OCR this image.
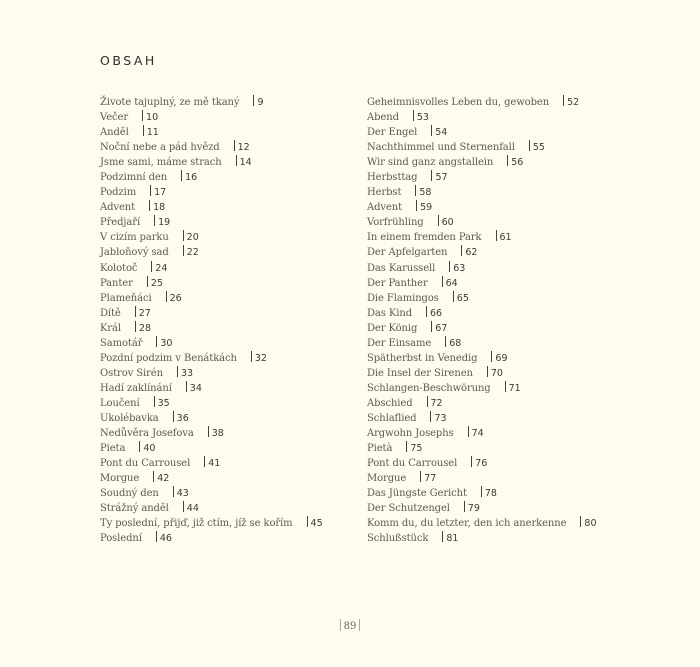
OBSAH
Živote tajuplný, ze mě tkaný 9
Večer 10
Anděl 11
Noční nebe a pád hvězd 12
Jsme sami, máme strach 14
Podzimní den 16
Podzim 17
Advent 18
Předjaří 19
V cizím parku 20
Jabloňový sad 22
Kolotoč 24
Panter 25
Plameňáci 26
Dítě 27
Král 28
Samotář 30
Pozdní podzim v Benátkách 32
Ostrov Sirén 33
Hadí zaklínání 34
Loučení 35
Ukolébavka 36
Nedůvěra Josefova 38
Pieta 40
Pont du Carrousel 41
Morgue 42
Soudný den 43
Strážný anděl 44
Ty poslední, přijď, již ctím, jíž se kořím 45
Poslední 46
Geheimnisvolles Leben du, gewoben 52
Abend 53
Der Engel 54
Nachthimmel und Sternenfall 55
Wir sind ganz angstallein 56
Herbsttag 57
Herbst 58
Advent 59
Vorfrühling 60
In einem fremden Park 61
Der Apfelgarten 62
Das Karussell 63
Der Panther 64
Die Flamingos 65
Das Kind 66
Der König 67
Der Einsame 68
Spätherbst in Venedig 69
Die Insel der Sirenen 70
Schlangen-Beschwörung 71
Abschied 72
Schlaflied 73
Argwohn Josephs 74
Pietà 75
Pont du Carrousel 76
Morgue 77
Das Jüngste Gericht 78
Der Schutzengel 79
Komm du, du letzter, den ich anerkenne 80
Schlußstück 81
89
